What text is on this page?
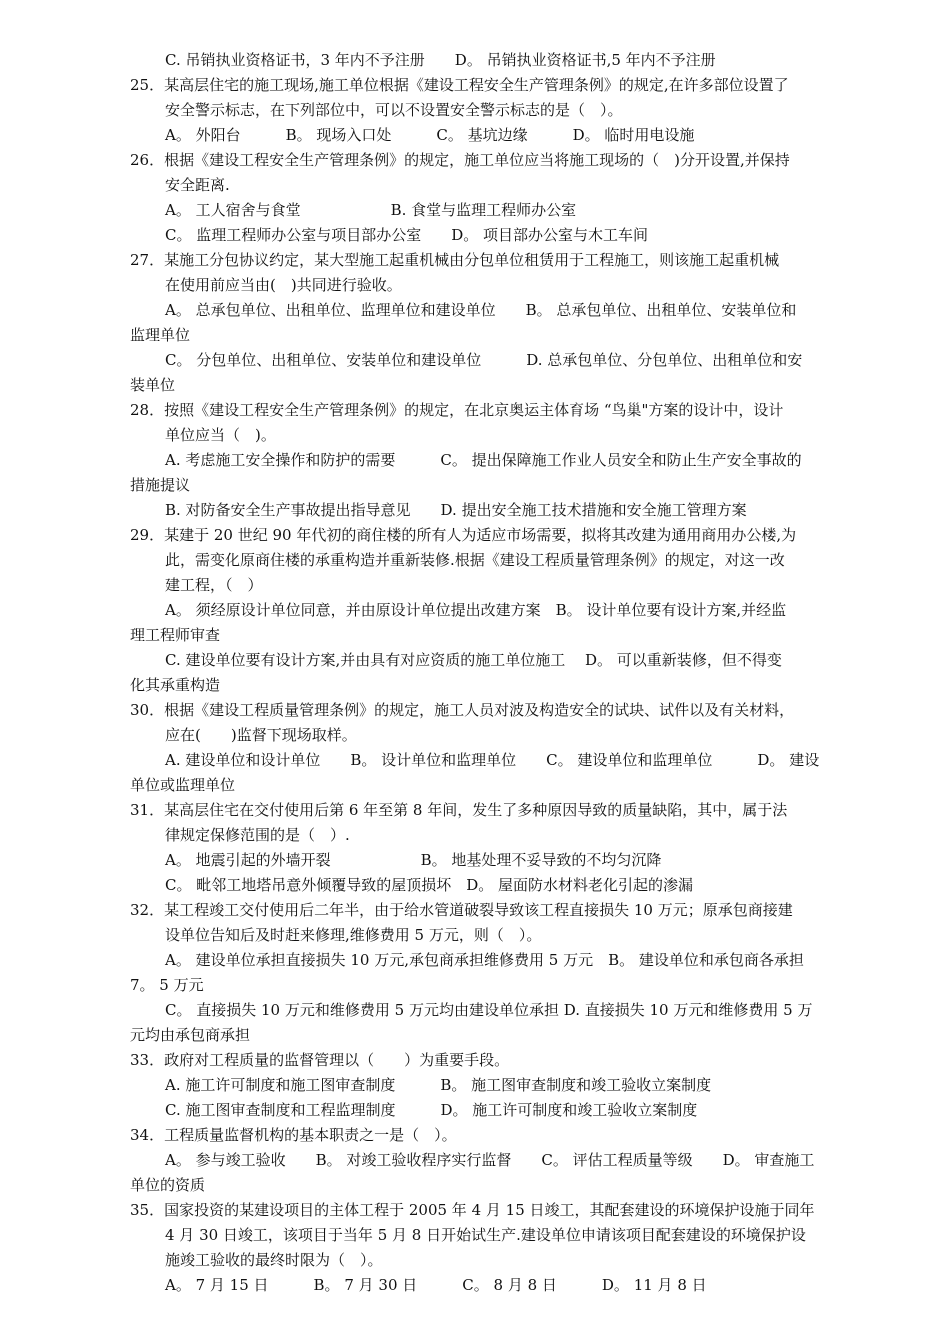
C. 吊销执业资格证书，3 年内不予注册　　D。 吊销执业资格证书,5 年内不予注册
25．某高层住宅的施工现场,施工单位根据《建设工程安全生产管理条例》的规定,在许多部位设置了
安全警示标志，在下列部位中，可以不设置安全警示标志的是（　）。
A。 外阳台　　　B。 现场入口处　　　C。 基坑边缘　　　D。 临时用电设施
26．根据《建设工程安全生产管理条例》的规定，施工单位应当将施工现场的（　)分开设置,并保持
安全距离.
A。 工人宿舍与食堂　　　　　　B. 食堂与监理工程师办公室
C。 监理工程师办公室与项目部办公室　　D。 项目部办公室与木工车间
27．某施工分包协议约定，某大型施工起重机械由分包单位租赁用于工程施工，则该施工起重机械
在使用前应当由(　)共同进行验收。
A。 总承包单位、出租单位、监理单位和建设单位　　B。 总承包单位、出租单位、安装单位和
监理单位
C。 分包单位、出租单位、安装单位和建设单位　　　D. 总承包单位、分包单位、出租单位和安
装单位
28．按照《建设工程安全生产管理条例》的规定，在北京奥运主体育场 “鸟巢"方案的设计中，设计
单位应当（　)。
A. 考虑施工安全操作和防护的需要　　　C。 提出保障施工作业人员安全和防止生产安全事故的
措施提议
B. 对防备安全生产事故提出指导意见　　D. 提出安全施工技术措施和安全施工管理方案
29．某建于 20 世纪 90 年代初的商住楼的所有人为适应市场需要，拟将其改建为通用商用办公楼,为
此，需变化原商住楼的承重构造并重新装修.根据《建设工程质量管理条例》的规定，对这一改
建工程，（　）
A。 须经原设计单位同意，并由原设计单位提出改建方案　B。 设计单位要有设计方案,并经监
理工程师审查
C. 建设单位要有设计方案,并由具有对应资质的施工单位施工　 D。 可以重新装修，但不得变
化其承重构造
30．根据《建设工程质量管理条例》的规定，施工人员对波及构造安全的试块、试件以及有关材料，
应在(　　)监督下现场取样。
A. 建设单位和设计单位　　B。 设计单位和监理单位　　C。 建设单位和监理单位　　　D。 建设
单位或监理单位
31．某高层住宅在交付使用后第 6 年至第 8 年间，发生了多种原因导致的质量缺陷，其中，属于法
律规定保修范围的是（　）.
A。 地震引起的外墙开裂　　　　　　B。 地基处理不妥导致的不均匀沉降
C。 毗邻工地塔吊意外倾覆导致的屋顶损坏　D。 屋面防水材料老化引起的渗漏
32．某工程竣工交付使用后二年半，由于给水管道破裂导致该工程直接损失 10 万元；原承包商接建
设单位告知后及时赶来修理,维修费用 5 万元，则（　）。
A。 建设单位承担直接损失 10 万元,承包商承担维修费用 5 万元　B。 建设单位和承包商各承担
7。 5 万元
C。 直接损失 10 万元和维修费用 5 万元均由建设单位承担 D. 直接损失 10 万元和维修费用 5 万
元均由承包商承担
33．政府对工程质量的监督管理以（　　）为重要手段。
A. 施工许可制度和施工图审查制度　　　B。 施工图审查制度和竣工验收立案制度
C. 施工图审查制度和工程监理制度　　　D。 施工许可制度和竣工验收立案制度
34．工程质量监督机构的基本职责之一是（　）。
A。 参与竣工验收　　B。 对竣工验收程序实行监督　　C。 评估工程质量等级　　D。 审查施工
单位的资质
35．国家投资的某建设项目的主体工程于 2005 年 4 月 15 日竣工，其配套建设的环境保护设施于同年
4 月 30 日竣工，该项目于当年 5 月 8 日开始试生产.建设单位申请该项目配套建设的环境保护设
施竣工验收的最终时限为（　）。
A。 7 月 15 日　　　B。 7 月 30 日　　　C。 8 月 8 日　　　D。 11 月 8 日
